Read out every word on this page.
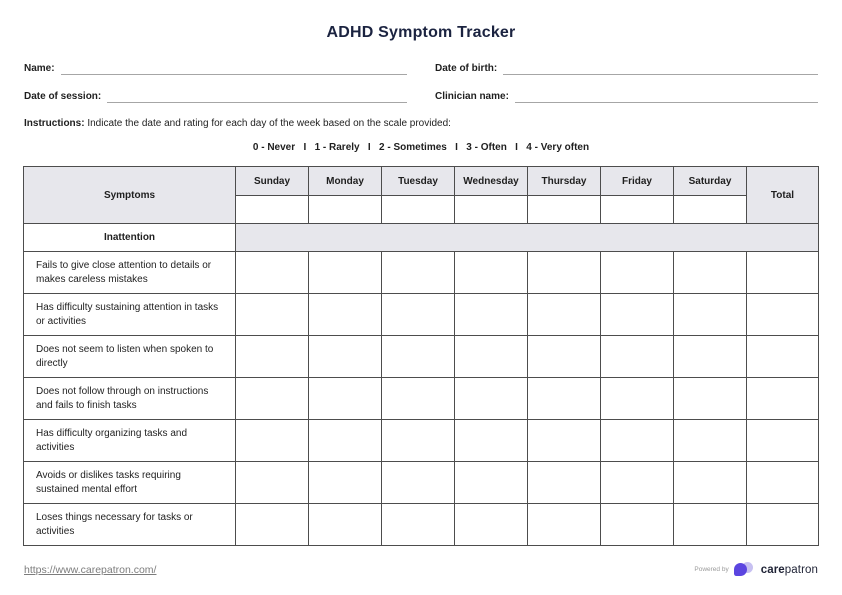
ADHD Symptom Tracker
Name:	Date of birth:
Date of session:	Clinician name:
Instructions: Indicate the date and rating for each day of the week based on the scale provided:
0 - Never   I   1 - Rarely   I   2 - Sometimes   I   3 - Often   I   4 - Very often
Symptoms	Sunday	Monday	Tuesday	Wednesday	Thursday	Friday	Saturday	Total

Inattention								
Fails to give close attention to details or makes careless mistakes								
Has difficulty sustaining attention in tasks or activities								
Does not seem to listen when spoken to directly								
Does not follow through on instructions and fails to finish tasks								
Has difficulty organizing tasks and activities								
Avoids or dislikes tasks requiring sustained mental effort								
Loses things necessary for tasks or activities								
https://www.carepatron.com/	Powered by	carepatron
